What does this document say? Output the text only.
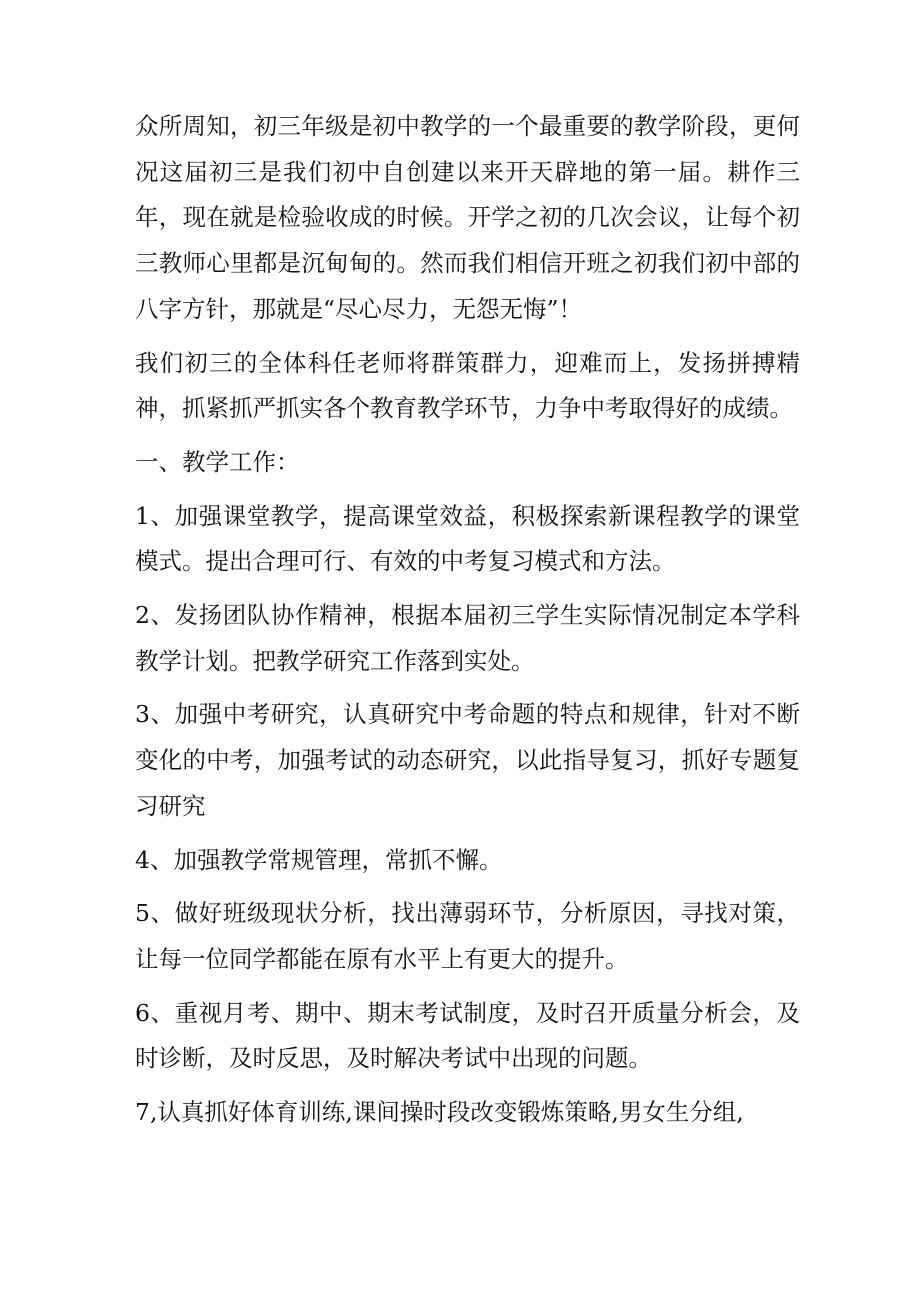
众所周知，初三年级是初中教学的一个最重要的教学阶段，更何况这届初三是我们初中自创建以来开天辟地的第一届。耕作三年，现在就是检验收成的时候。开学之初的几次会议，让每个初三教师心里都是沉甸甸的。然而我们相信开班之初我们初中部的八字方针，那就是“尽心尽力，无怨无悔”！

我们初三的全体科任老师将群策群力，迎难而上，发扬拼搏精神，抓紧抓严抓实各个教育教学环节，力争中考取得好的成绩。

一、教学工作：

1、加强课堂教学，提高课堂效益，积极探索新课程教学的课堂模式。提出合理可行、有效的中考复习模式和方法。

2、发扬团队协作精神，根据本届初三学生实际情况制定本学科教学计划。把教学研究工作落到实处。

3、加强中考研究，认真研究中考命题的特点和规律，针对不断变化的中考，加强考试的动态研究，以此指导复习，抓好专题复习研究

4、加强教学常规管理，常抓不懈。

5、做好班级现状分析，找出薄弱环节，分析原因，寻找对策，让每一位同学都能在原有水平上有更大的提升。

6、重视月考、期中、期末考试制度，及时召开质量分析会，及时诊断，及时反思，及时解决考试中出现的问题。

7,认真抓好体育训练,课间操时段改变锻炼策略,男女生分组,
